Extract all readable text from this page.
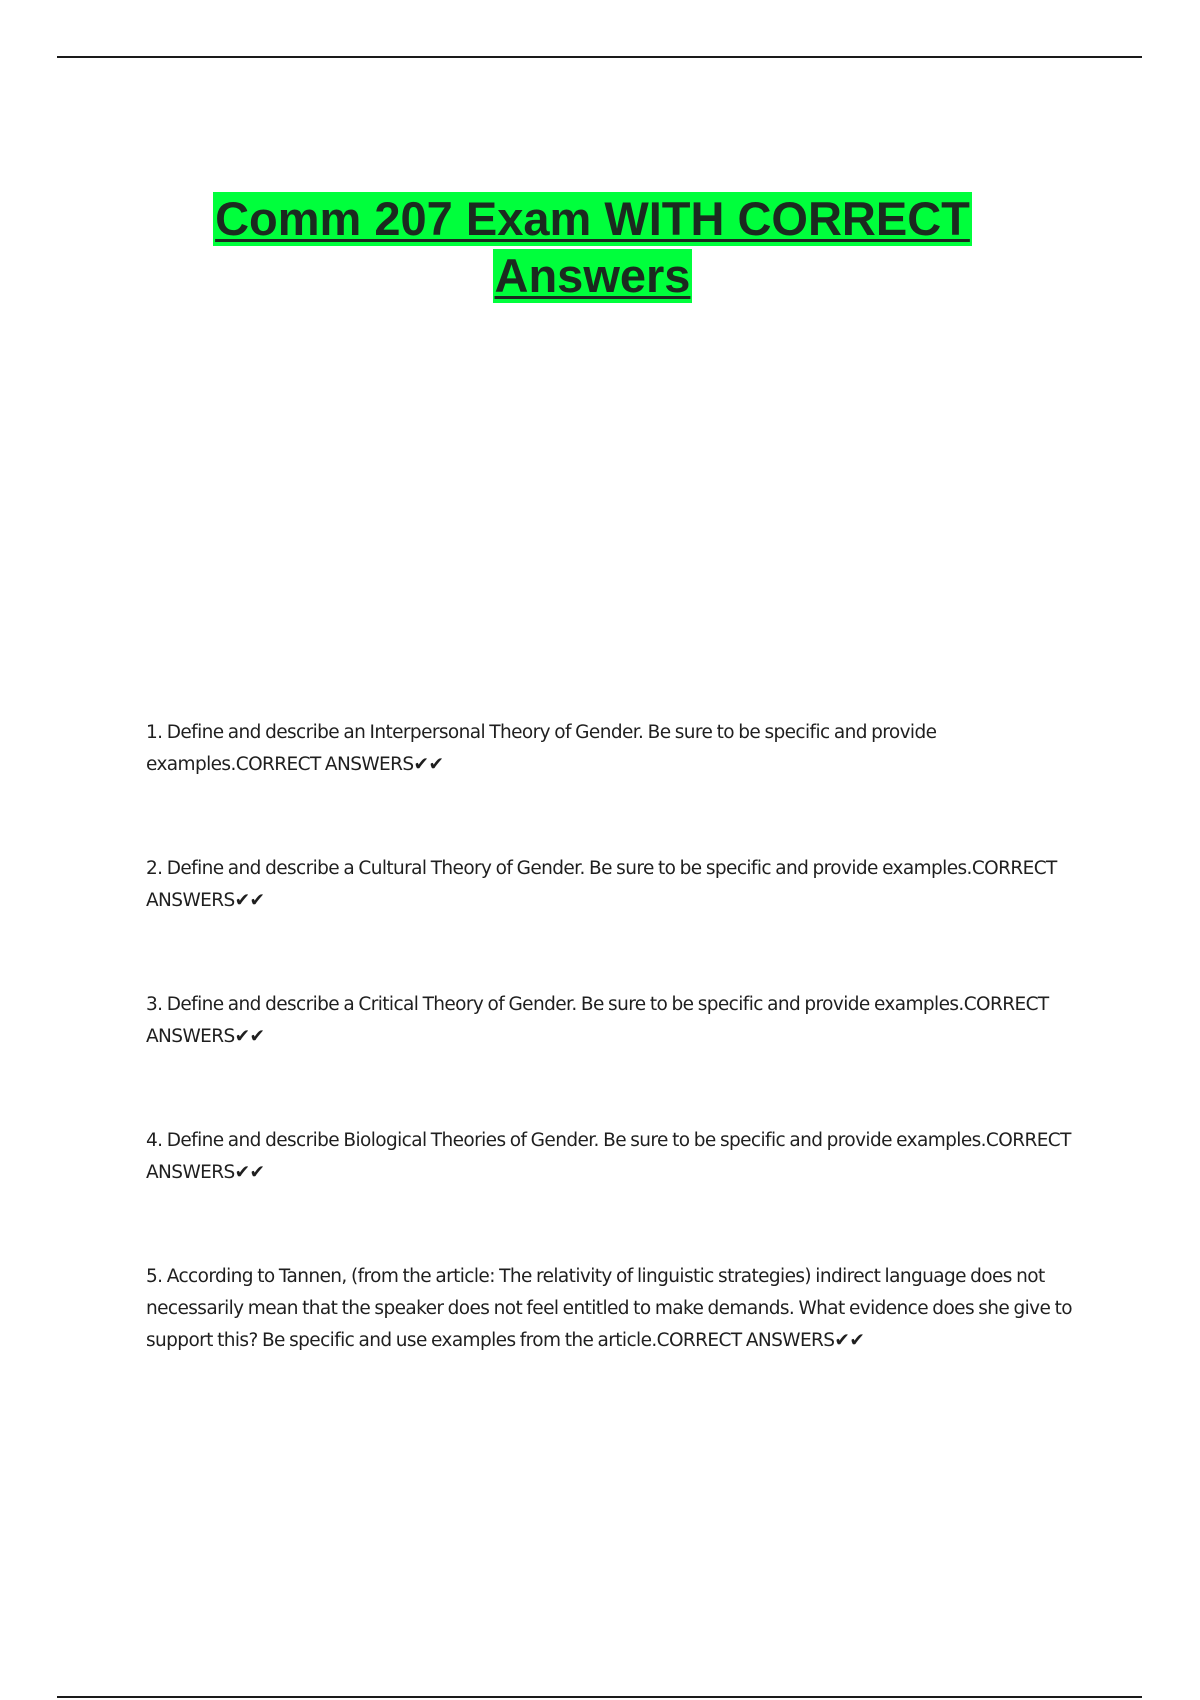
Comm 207 Exam WITH CORRECT
Answers

1. Define and describe an Interpersonal Theory of Gender. Be sure to be specific and provide examples.CORRECT ANSWERS✔✔

2. Define and describe a Cultural Theory of Gender. Be sure to be specific and provide examples.CORRECT ANSWERS✔✔

3. Define and describe a Critical Theory of Gender. Be sure to be specific and provide examples.CORRECT ANSWERS✔✔

4. Define and describe Biological Theories of Gender. Be sure to be specific and provide examples.CORRECT ANSWERS✔✔

5. According to Tannen, (from the article: The relativity of linguistic strategies) indirect language does not necessarily mean that the speaker does not feel entitled to make demands. What evidence does she give to support this? Be specific and use examples from the article.CORRECT ANSWERS✔✔
